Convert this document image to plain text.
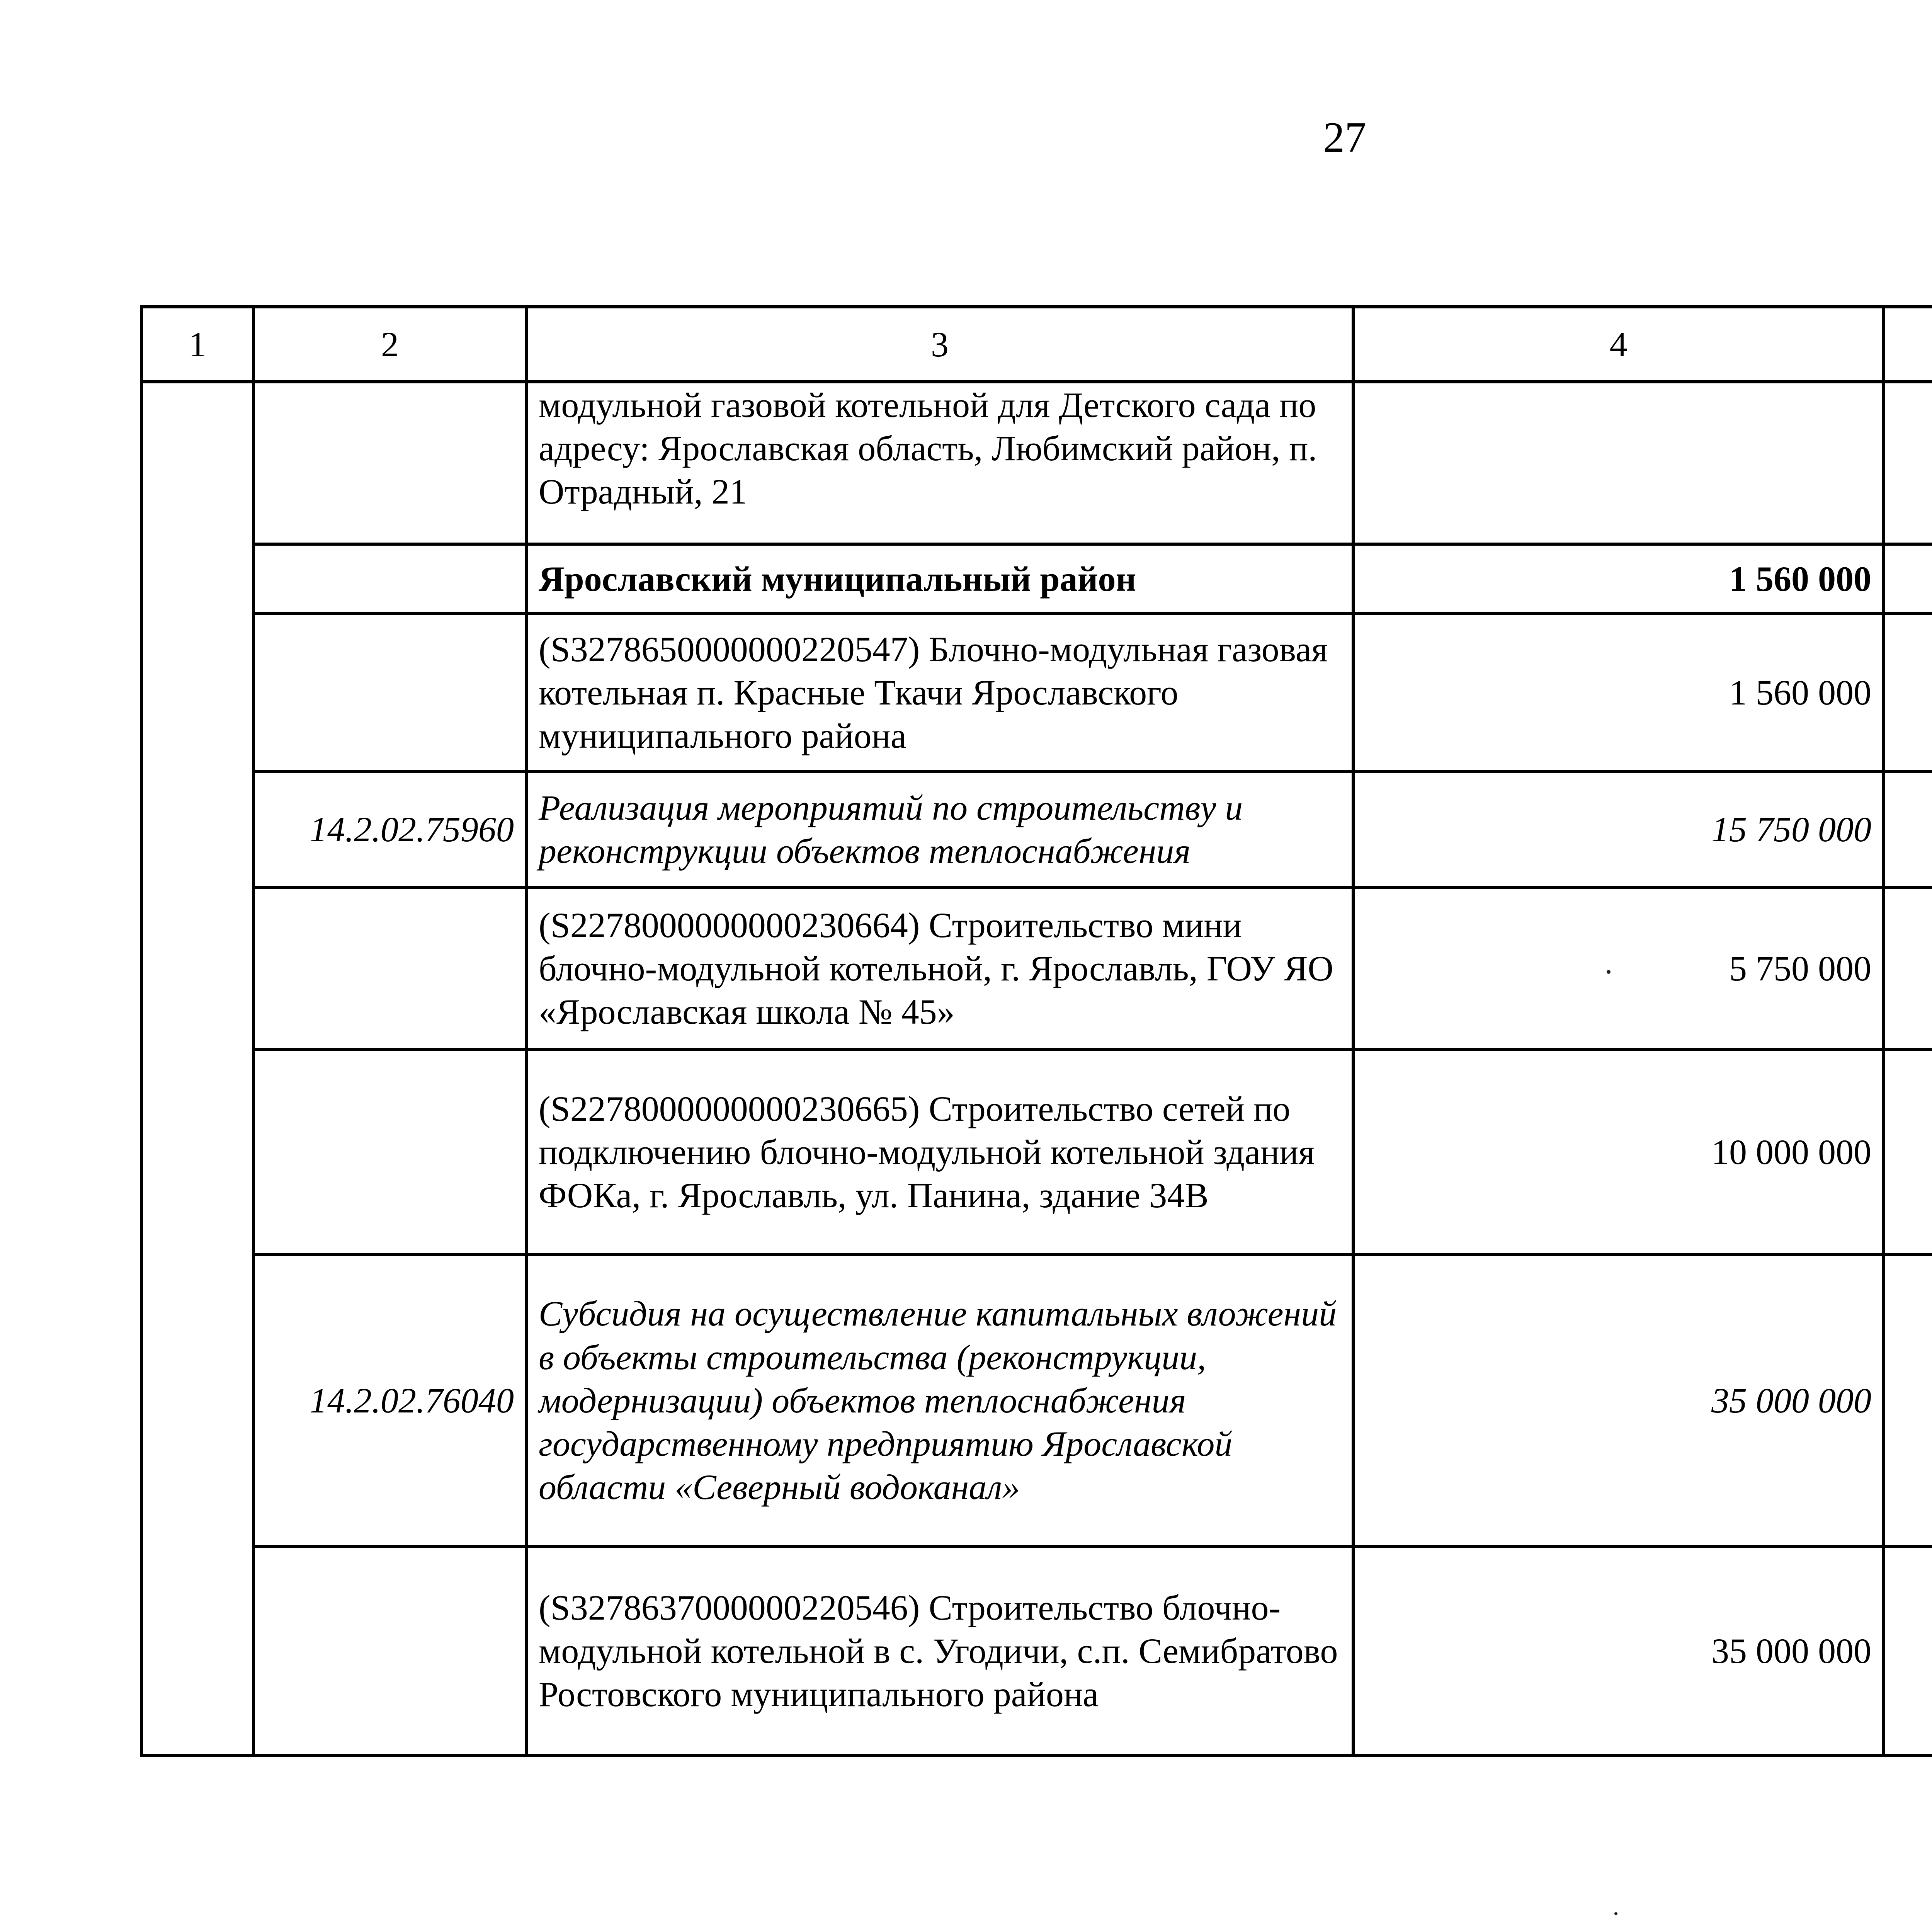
27
1	2	3	4			
		модульной газовой котельной для Детского сада по адресу: Ярославская область, Любимский район, п. Отрадный, 21				
		Ярославский муниципальный район	1 560 000			
		(S3278650000000220547) Блочно-модульная газовая котельная п. Красные Ткачи Ярославского муниципального района	1 560 000			
	14.2.02.75960	Реализация мероприятий по строительству и реконструкции объектов теплоснабжения	15 750 000			
		(S2278000000000230664) Строительство мини блочно-модульной котельной, г. Ярославль, ГОУ ЯО «Ярославская школа № 45»	5 750 000			
		(S2278000000000230665) Строительство сетей по подключению блочно-модульной котельной здания ФОКа, г. Ярославль, ул. Панина, здание 34В	10 000 000			
	14.2.02.76040	Субсидия на осуществление капитальных вложений в объекты строительства (реконструкции, модернизации) объектов теплоснабжения государственному предприятию Ярославской области «Северный водоканал»	35 000 000			
		(S3278637000000220546) Строительство блочно-модульной котельной в с. Угодичи, с.п. Семибратово Ростовского муниципального района	35 000 000			
